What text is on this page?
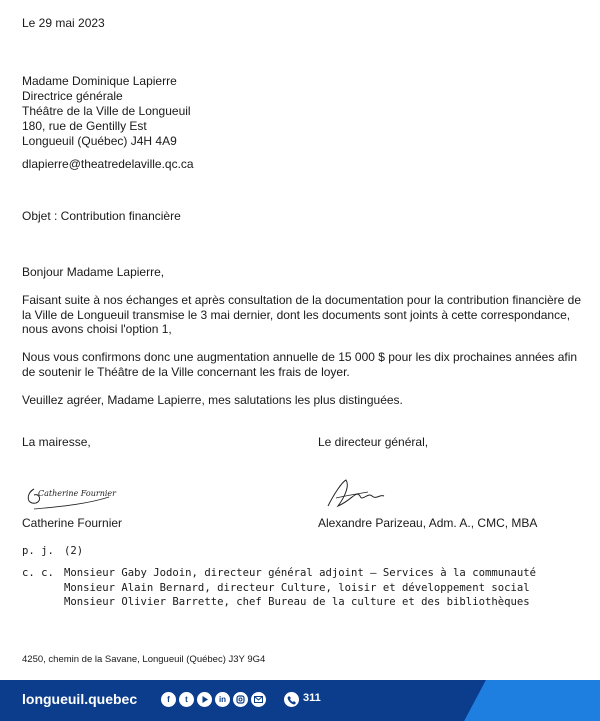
Le 29 mai 2023
Madame Dominique Lapierre
Directrice générale
Théâtre de la Ville de Longueuil
180, rue de Gentilly Est
Longueuil (Québec) J4H 4A9
dlapierre@theatredelaville.qc.ca
Objet : Contribution financière
Bonjour Madame Lapierre,
Faisant suite à nos échanges et après consultation de la documentation pour la contribution financière de la Ville de Longueuil transmise le 3 mai dernier, dont les documents sont joints à cette correspondance, nous avons choisi l'option 1,
Nous vous confirmons donc une augmentation annuelle de 15 000 $ pour les dix prochaines années afin de soutenir le Théâtre de la Ville concernant les frais de loyer.
Veuillez agréer, Madame Lapierre, mes salutations les plus distinguées.
La mairesse,	Le directeur général,
Catherine Fournier
Catherine Fournier	Alexandre Parizeau, Adm. A., CMC, MBA
p. j. (2)
c. c. Monsieur Gaby Jodoin, directeur général adjoint – Services à la communauté
Monsieur Alain Bernard, directeur Culture, loisir et développement social
Monsieur Olivier Barrette, chef Bureau de la culture et des bibliothèques
4250, chemin de la Savane, Longueuil (Québec) J3Y 9G4
longueuil.quebec	f	t	in	311
